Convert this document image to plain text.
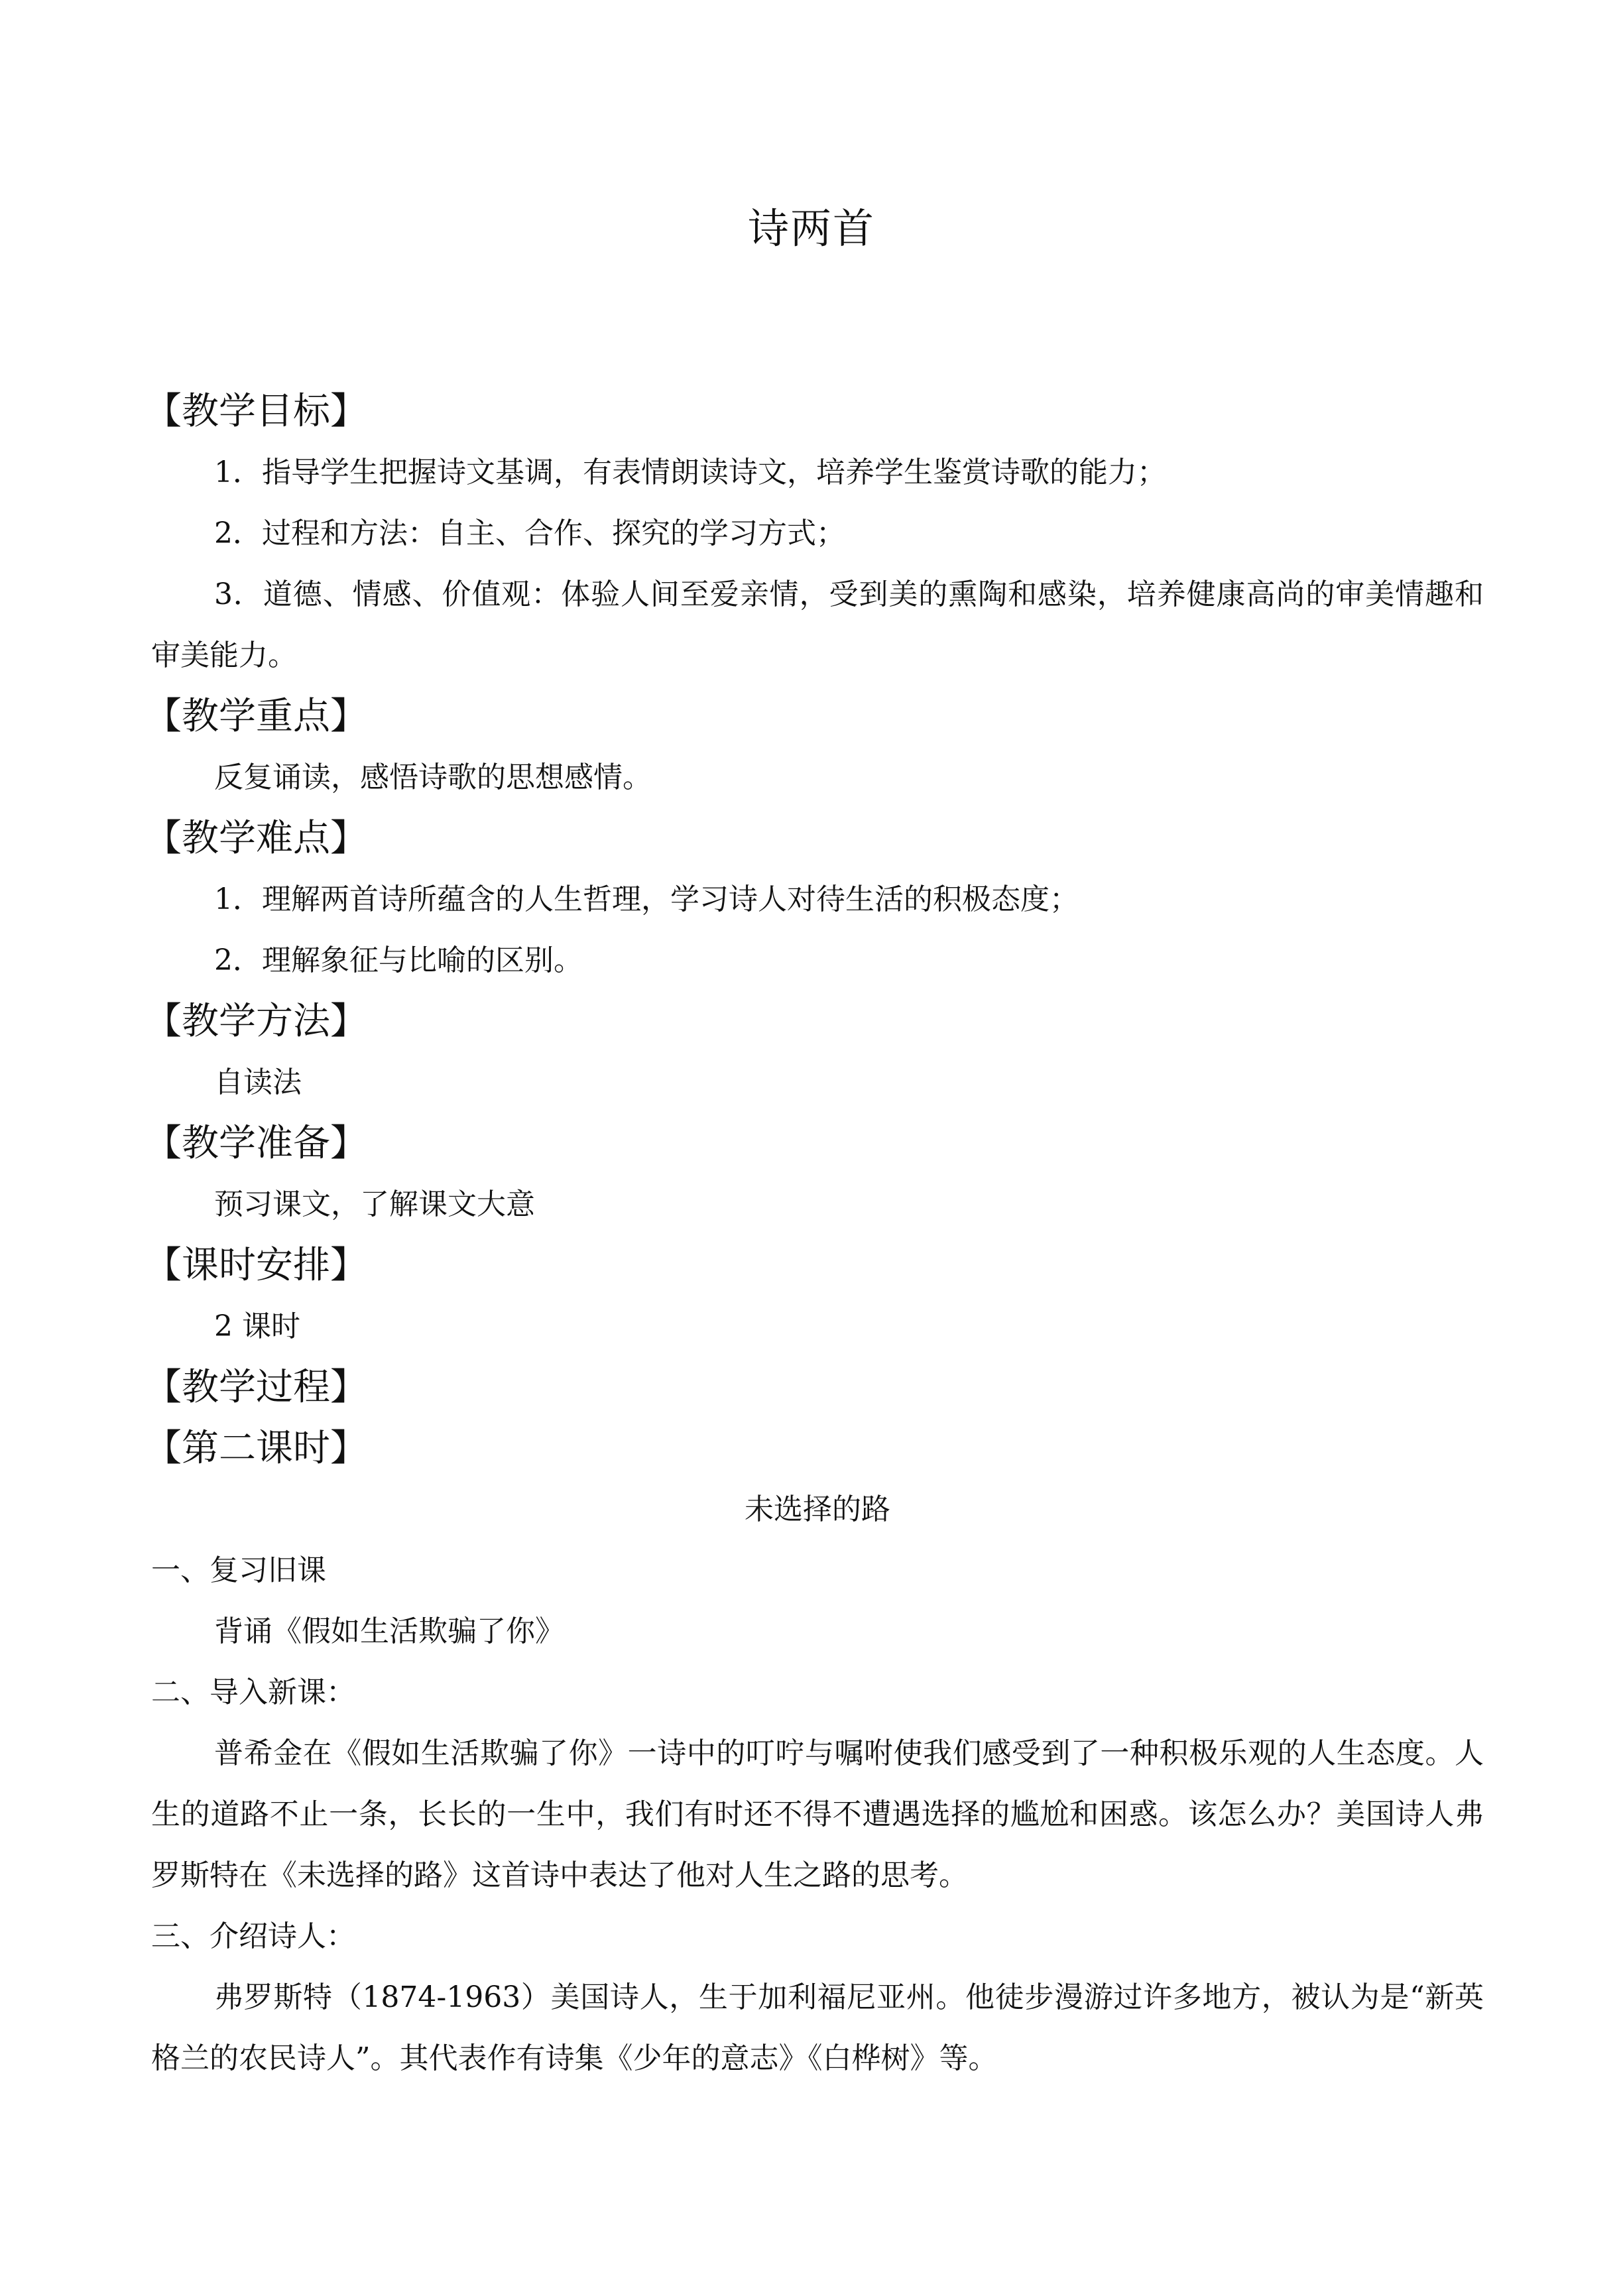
诗两首
【教学目标】
1．指导学生把握诗文基调，有表情朗读诗文，培养学生鉴赏诗歌的能力；
2．过程和方法：自主、合作、探究的学习方式；
3．道德、情感、价值观：体验人间至爱亲情，受到美的熏陶和感染，培养健康高尚的审美情趣和审美能力。
【教学重点】
反复诵读，感悟诗歌的思想感情。
【教学难点】
1．理解两首诗所蕴含的人生哲理，学习诗人对待生活的积极态度；
2．理解象征与比喻的区别。
【教学方法】
自读法
【教学准备】
预习课文，了解课文大意
【课时安排】
2 课时
【教学过程】
【第二课时】
未选择的路
一、复习旧课
背诵《假如生活欺骗了你》
二、导入新课：
普希金在《假如生活欺骗了你》一诗中的叮咛与嘱咐使我们感受到了一种积极乐观的人生态度。人生的道路不止一条，长长的一生中，我们有时还不得不遭遇选择的尴尬和困惑。该怎么办？美国诗人弗罗斯特在《未选择的路》这首诗中表达了他对人生之路的思考。
三、介绍诗人：
弗罗斯特（1874-1963）美国诗人，生于加利福尼亚州。他徒步漫游过许多地方，被认为是“新英格兰的农民诗人”。其代表作有诗集《少年的意志》《白桦树》等。
